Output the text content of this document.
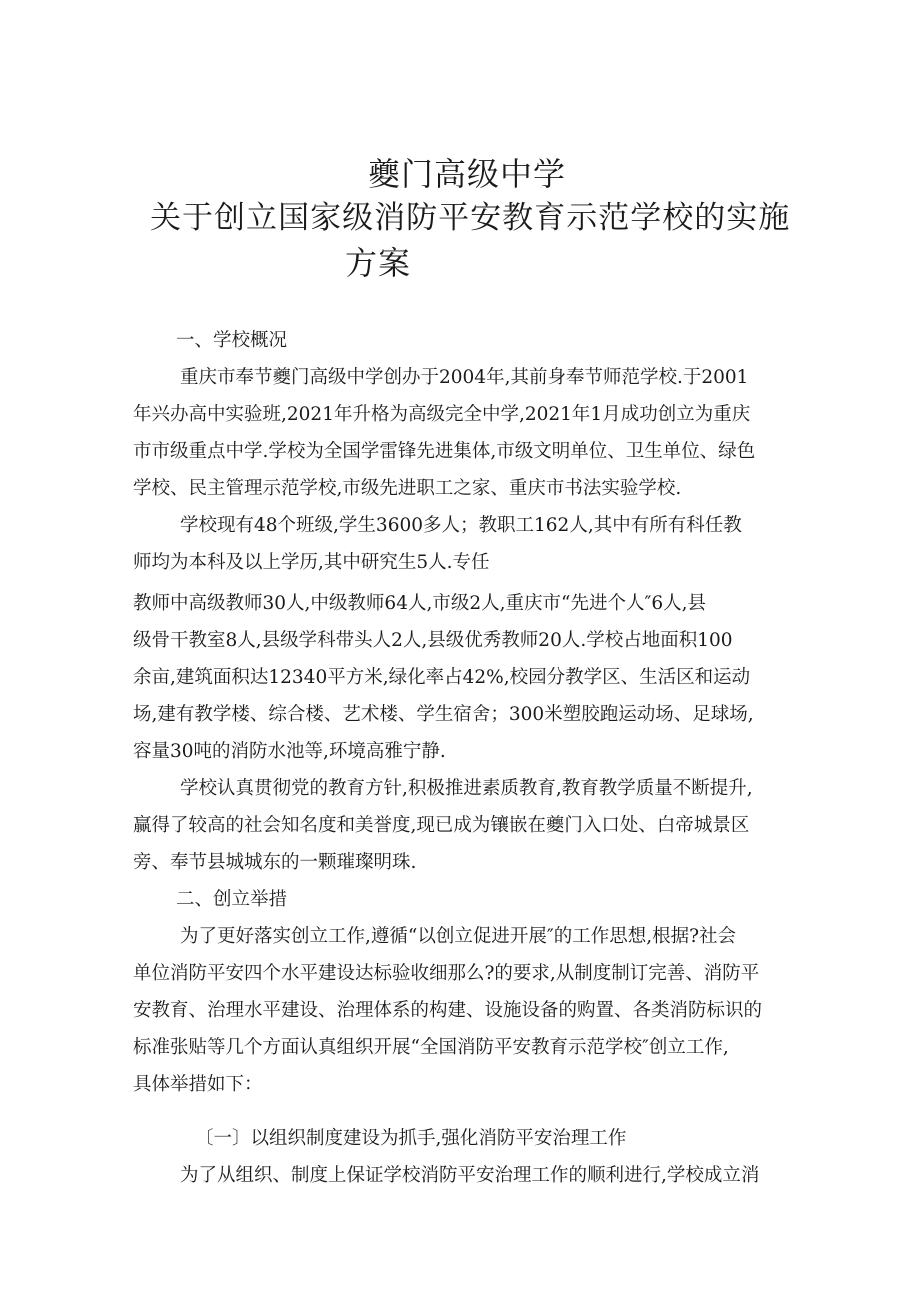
夔门高级中学
关于创立国家级消防平安教育示范学校的实施
方案
一、学校概况
重庆市奉节夔门高级中学创办于2004年,其前身奉节师范学校.于2001
年兴办高中实验班,2021年升格为高级完全中学,2021年1月成功创立为重庆
市市级重点中学.学校为全国学雷锋先进集体,市级文明单位、卫生单位、绿色
学校、民主管理示范学校,市级先进职工之家、重庆市书法实验学校.
学校现有48个班级,学生3600多人；教职工162人,其中有所有科任教
师均为本科及以上学历,其中研究生5人.专任
教师中高级教师30人,中级教师64人,市级2人,重庆市“先进个人″6人,县
级骨干教室8人,县级学科带头人2人,县级优秀教师20人.学校占地面积100
余亩,建筑面积达12340平方米,绿化率占42%,校园分教学区、生活区和运动
场,建有教学楼、综合楼、艺术楼、学生宿舍；300米塑胶跑运动场、足球场,
容量30吨的消防水池等,环境高雅宁静.
学校认真贯彻党的教育方针,积极推进素质教育,教育教学质量不断提升,
赢得了较高的社会知名度和美誉度,现已成为镶嵌在夔门入口处、白帝城景区
旁、奉节县城城东的一颗璀璨明珠.
二、创立举措
为了更好落实创立工作,遵循“以创立促进开展″的工作思想,根据?社会
单位消防平安四个水平建设达标验收细那么?的要求,从制度制订完善、消防平
安教育、治理水平建设、治理体系的构建、设施设备的购置、各类消防标识的
标准张贴等几个方面认真组织开展“全国消防平安教育示范学校″创立工作,
具体举措如下：
〔一〕以组织制度建设为抓手,强化消防平安治理工作
为了从组织、制度上保证学校消防平安治理工作的顺利进行,学校成立消
